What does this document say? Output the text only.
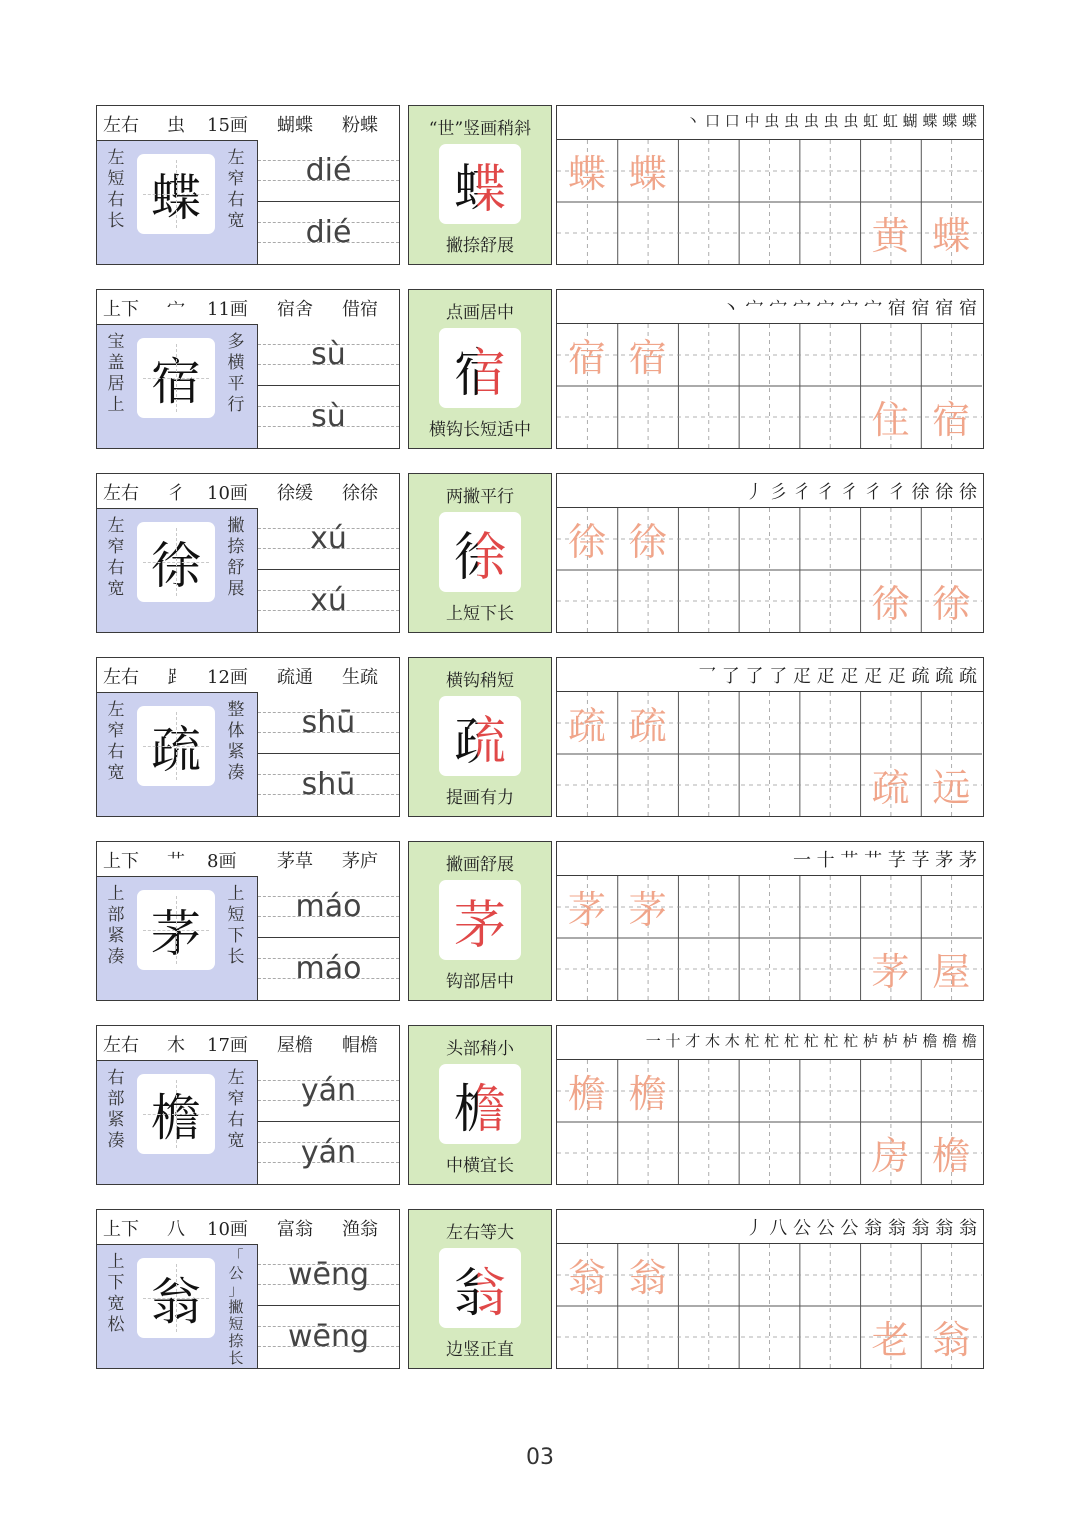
左右 虫 15画 蝴蝶 粉蝶
左
短
右
长 蝶
左
窄
右
宽
dié
dié
“世”竖画稍斜
蝶
撇捺舒展
丶 口 口 中 虫 虫 虫 虫 虫 虹 虹 蝴 蝶 蝶 蝶
蝶 蝶
黄 蝶
上下 宀 11画 宿舍 借宿
宝
盖
居
上 宿
多
横
平
行
sù
sù
点画居中
宿
横钩长短适中
丶 宀 宀 宀 宀 宀 宀 宿 宿 宿 宿
宿 宿
住 宿
左右 彳 10画 徐缓 徐徐
左
窄
右
宽 徐
撇
捺
舒
展
xú
xú
两撇平行
徐
上短下长
丿 彡 彳 彳 彳 彳 彳 徐 徐 徐
徐 徐
徐 徐
左右 ⻊ 12画 疏通 生疏
左
窄
右
宽 疏
整
体
紧
凑
shū
shū
横钩稍短
疏
提画有力
乛 了 了 了 疋 疋 疋 疋 疋 疏 疏 疏
疏 疏
疏 远
上下 艹 8画 茅草 茅庐
上
部
紧
凑 茅
上
短
下
长
máo
máo
撇画舒展
茅
钩部居中
一 十 艹 艹 芓 芓 茅 茅
茅 茅
茅 屋
左右 木 17画 屋檐 帽檐
右
部
紧
凑 檐
左
窄
右
宽
yán
yán
头部稍小
檐
中横宜长
一 十 才 木 木 杧 杧 杧 杧 杧 杧 栌 栌 栌 檐 檐 檐
檐 檐
房 檐
上下 八 10画 富翁 渔翁
上
下
宽
松 翁
「
公
」
撇
短
捺
长
wēng
wēng
左右等大
翁
边竖正直
丿 八 公 公 公 翁 翁 翁 翁 翁
翁 翁
老 翁
03
